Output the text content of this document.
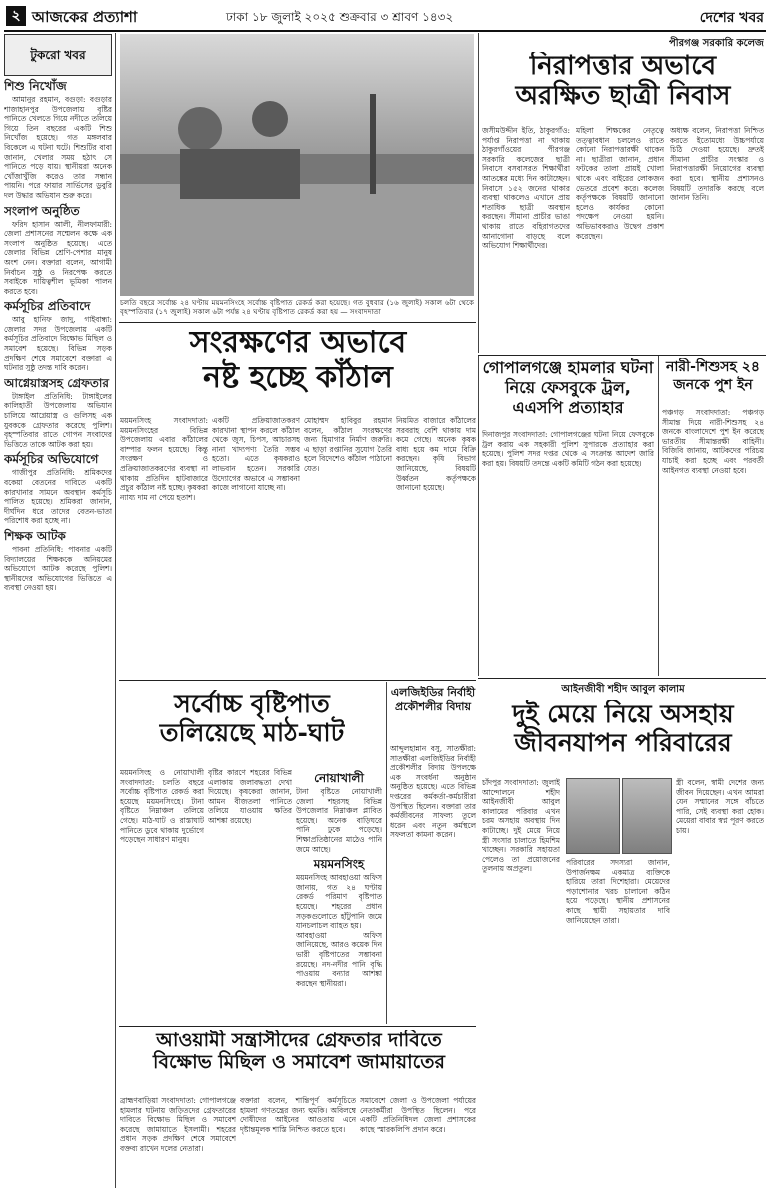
২ আজকের প্রত্যাশা	ঢাকা ১৮ জুলাই ২০২৫ শুক্রবার ৩ শ্রাবণ ১৪৩২	দেশের খবর
টুকরো খবর
শিশু নিখোঁজ

আমানুর রহমান, বগুড়া: বগুড়ার শাজাহানপুর উপজেলায় বৃষ্টির পানিতে খেলতে গিয়ে নদীতে তলিয়ে গিয়ে তিন বছরের একটি শিশু নিখোঁজ হয়েছে। গত মঙ্গলবার বিকেলে এ ঘটনা ঘটে। শিশুটির বাবা জানান, খেলার সময় হঠাৎ সে পানিতে পড়ে যায়। স্থানীয়রা অনেক খোঁজাখুঁজি করেও তার সন্ধান পায়নি। পরে ফায়ার সার্ভিসের ডুবুরি দল উদ্ধার অভিযান শুরু করে।

সংলাপ অনুষ্ঠিত

ফরিদ হাসান আলী, নীলফামারী: জেলা প্রশাসনের সম্মেলন কক্ষে এক সংলাপ অনুষ্ঠিত হয়েছে। এতে জেলার বিভিন্ন শ্রেণি-পেশার মানুষ অংশ নেন। বক্তারা বলেন, আগামী নির্বাচন সুষ্ঠু ও নিরপেক্ষ করতে সবাইকে দায়িত্বশীল ভূমিকা পালন করতে হবে।

কর্মসূচির প্রতিবাদে

আবু হানিফ জাদু, গাইবান্ধা: জেলার সদর উপজেলায় একটি কর্মসূচির প্রতিবাদে বিক্ষোভ মিছিল ও সমাবেশ হয়েছে। বিভিন্ন সড়ক প্রদক্ষিণ শেষে সমাবেশে বক্তারা এ ঘটনার সুষ্ঠু তদন্ত দাবি করেন।

আগ্নেয়াস্ত্রসহ গ্রেফতার

টাঙ্গাইল প্রতিনিধি: টাঙ্গাইলের কালিহাতী উপজেলায় অভিযান চালিয়ে আগ্নেয়াস্ত্র ও গুলিসহ এক যুবককে গ্রেফতার করেছে পুলিশ। বৃহস্পতিবার রাতে গোপন সংবাদের ভিত্তিতে তাকে আটক করা হয়।

কর্মসূচির অভিযোগে

গাজীপুর প্রতিনিধি: শ্রমিকদের বকেয়া বেতনের দাবিতে একটি কারখানার সামনে অবস্থান কর্মসূচি পালিত হয়েছে। শ্রমিকরা জানান, দীর্ঘদিন ধরে তাদের বেতন-ভাতা পরিশোধ করা হচ্ছে না।

শিক্ষক আটক

পাবনা প্রতিনিধি: পাবনার একটি বিদ্যালয়ের শিক্ষককে অনিয়মের অভিযোগে আটক করেছে পুলিশ। স্থানীয়দের অভিযোগের ভিত্তিতে এ ব্যবস্থা নেওয়া হয়।

চলতি বছরে সর্বোচ্চ ২৪ ঘণ্টায় ময়মনসিংহে সর্বোচ্চ বৃষ্টিপাত রেকর্ড করা হয়েছে। গত বুধবার (১৬ জুলাই) সকাল ৬টা থেকে বৃহস্পতিবার (১৭ জুলাই) সকাল ৬টা পর্যন্ত ২৪ ঘণ্টায় বৃষ্টিপাত রেকর্ড করা হয় — সংবাদদাতা
পীরগঞ্জ সরকারি কলেজ
নিরাপত্তার অভাবে
অরক্ষিত ছাত্রী নিবাস
জসীমউদ্দীন ইতি, ঠাকুরগাঁও: পর্যাপ্ত নিরাপত্তা না থাকায় ঠাকুরগাঁওয়ের পীরগঞ্জ সরকারি কলেজের ছাত্রী নিবাসে বসবাসরত শিক্ষার্থীরা আতঙ্কের মধ্যে দিন কাটাচ্ছেন। নিবাসে ১৫২ জনের থাকার ব্যবস্থা থাকলেও এখানে প্রায় শতাধিক ছাত্রী অবস্থান করছেন। সীমানা প্রাচীর ভাঙা থাকায় রাতে বহিরাগতদের আনাগোনা বাড়ছে বলে অভিযোগ শিক্ষার্থীদের।
মহিলা শিক্ষকের নেতৃত্বে তত্ত্বাবধান চললেও রাতে কোনো নিরাপত্তারক্ষী থাকেন না। ছাত্রীরা জানান, প্রধান ফটকের তালা প্রায়ই খোলা থাকে এবং বাইরের লোকজন ভেতরে প্রবেশ করে। কলেজ কর্তৃপক্ষকে বিষয়টি জানানো হলেও কার্যকর কোনো পদক্ষেপ নেওয়া হয়নি। অভিভাবকরাও উদ্বেগ প্রকাশ করেছেন।
অধ্যক্ষ বলেন, নিরাপত্তা নিশ্চিত করতে ইতোমধ্যে উচ্চপর্যায়ে চিঠি দেওয়া হয়েছে। দ্রুতই সীমানা প্রাচীর সংস্কার ও নিরাপত্তারক্ষী নিয়োগের ব্যবস্থা করা হবে। স্থানীয় প্রশাসনও বিষয়টি তদারকি করছে বলে জানান তিনি।
সংরক্ষণের অভাবে
নষ্ট হচ্ছে কাঁঠাল
ময়মনসিংহ সংবাদদাতা: ময়মনসিংহের বিভিন্ন উপজেলায় এবার কাঁঠালের বাম্পার ফলন হয়েছে। কিন্তু সংরক্ষণ ও প্রক্রিয়াজাতকরণের ব্যবস্থা না থাকায় প্রতিদিন হাটবাজারে প্রচুর কাঁঠাল নষ্ট হচ্ছে। কৃষকরা ন্যায্য দাম না পেয়ে হতাশ।
একটি প্রক্রিয়াজাতকরণ কারখানা স্থাপন করলে কাঁঠাল থেকে জুস, চিপস, আচারসহ নানা খাদ্যপণ্য তৈরি সম্ভব হতো। এতে কৃষকরাও লাভবান হতেন। সরকারি উদ্যোগের অভাবে এ সম্ভাবনা কাজে লাগানো যাচ্ছে না।
মোহাম্মদ হাবিবুর রহমান বলেন, কাঁঠাল সংরক্ষণের জন্য হিমাগার নির্মাণ জরুরি। এ ছাড়া রপ্তানির সুযোগ তৈরি হলে বিদেশেও কাঁঠাল পাঠানো যেত।
নিয়মিত বাজারে কাঁঠালের সরবরাহ বেশি থাকায় দাম কমে গেছে। অনেক কৃষক বাধ্য হয়ে কম দামে বিক্রি করছেন। কৃষি বিভাগ জানিয়েছে, বিষয়টি উর্ধ্বতন কর্তৃপক্ষকে জানানো হয়েছে।
গোপালগঞ্জে হামলার ঘটনা নিয়ে ফেসবুকে ট্রল, এএসপি প্রত্যাহার
দিনাজপুর সংবাদদাতা: গোপালগঞ্জের ঘটনা নিয়ে ফেসবুকে ট্রল করায় এক সহকারী পুলিশ সুপারকে প্রত্যাহার করা হয়েছে। পুলিশ সদর দপ্তর থেকে এ সংক্রান্ত আদেশ জারি করা হয়। বিষয়টি তদন্তে একটি কমিটি গঠন করা হয়েছে।
নারী-শিশুসহ ২৪ জনকে পুশ ইন
পঞ্চগড় সংবাদদাতা: পঞ্চগড় সীমান্ত দিয়ে নারী-শিশুসহ ২৪ জনকে বাংলাদেশে পুশ ইন করেছে ভারতীয় সীমান্তরক্ষী বাহিনী। বিজিবি জানায়, আটকদের পরিচয় যাচাই করা হচ্ছে এবং পরবর্তী আইনগত ব্যবস্থা নেওয়া হবে।
আইনজীবী শহীদ আবুল কালাম
দুই মেয়ে নিয়ে অসহায়
জীবনযাপন পরিবারের
চাঁদপুর সংবাদদাতা: জুলাই আন্দোলনে শহীদ আইনজীবী আবুল কালামের পরিবার এখন চরম অসহায় অবস্থায় দিন কাটাচ্ছে। দুই মেয়ে নিয়ে স্ত্রী সংসার চালাতে হিমশিম খাচ্ছেন। সরকারি সহায়তা পেলেও তা প্রয়োজনের তুলনায় অপ্রতুল।
পরিবারের সদস্যরা জানান, উপার্জনক্ষম একমাত্র ব্যক্তিকে হারিয়ে তারা দিশেহারা। মেয়েদের পড়াশোনার খরচ চালানো কঠিন হয়ে পড়েছে। স্থানীয় প্রশাসনের কাছে স্থায়ী সহায়তার দাবি জানিয়েছেন তারা।
স্ত্রী বলেন, স্বামী দেশের জন্য জীবন দিয়েছেন। এখন আমরা যেন সম্মানের সঙ্গে বাঁচতে পারি, সেই ব্যবস্থা করা হোক। মেয়েরা বাবার স্বপ্ন পূরণ করতে চায়।
এলজিইডির নির্বাহী প্রকৌশলীর বিদায়
আব্দুলহান্নান বসু, সাতক্ষীরা: সাতক্ষীরা এলজিইডির নির্বাহী প্রকৌশলীর বিদায় উপলক্ষে এক সংবর্ধনা অনুষ্ঠান অনুষ্ঠিত হয়েছে। এতে বিভিন্ন দপ্তরের কর্মকর্তা-কর্মচারীরা উপস্থিত ছিলেন। বক্তারা তার কর্মজীবনের সাফল্য তুলে ধরেন এবং নতুন কর্মস্থলে সফলতা কামনা করেন।
সর্বোচ্চ বৃষ্টিপাত
তলিয়েছে মাঠ-ঘাট
ময়মনসিংহ ও নোয়াখালী সংবাদদাতা: চলতি বছরে সর্বোচ্চ বৃষ্টিপাত রেকর্ড করা হয়েছে ময়মনসিংহে। টানা বৃষ্টিতে নিম্নাঞ্চল তলিয়ে গেছে। মাঠ-ঘাট ও রাস্তাঘাট পানিতে ডুবে থাকায় দুর্ভোগে পড়েছেন সাধারণ মানুষ।
বৃষ্টির কারণে শহরের বিভিন্ন এলাকায় জলাবদ্ধতা দেখা দিয়েছে। কৃষকেরা জানান, আমন বীজতলা পানিতে তলিয়ে যাওয়ায় ক্ষতির আশঙ্কা রয়েছে।
নোয়াখালী
টানা বৃষ্টিতে নোয়াখালী জেলা শহরসহ বিভিন্ন উপজেলার নিম্নাঞ্চল প্লাবিত হয়েছে। অনেক বাড়িঘরে পানি ঢুকে পড়েছে। শিক্ষাপ্রতিষ্ঠানের মাঠেও পানি জমে আছে।
ময়মনসিংহ
ময়মনসিংহ আবহাওয়া অফিস জানায়, গত ২৪ ঘণ্টায় রেকর্ড পরিমাণ বৃষ্টিপাত হয়েছে। শহরের প্রধান সড়কগুলোতে হাঁটুপানি জমে যানচলাচল ব্যাহত হয়।
আবহাওয়া অফিস জানিয়েছে, আরও কয়েক দিন ভারী বৃষ্টিপাতের সম্ভাবনা রয়েছে। নদ-নদীর পানি বৃদ্ধি পাওয়ায় বন্যার আশঙ্কা করছেন স্থানীয়রা।
আওয়ামী সন্ত্রাসীদের গ্রেফতার দাবিতে
বিক্ষোভ মিছিল ও সমাবেশ জামায়াতের
ব্রাহ্মণবাড়িয়া সংবাদদাতা: গোপালগঞ্জে হামলার ঘটনায় জড়িতদের গ্রেফতারের দাবিতে বিক্ষোভ মিছিল ও সমাবেশ করেছে জামায়াতে ইসলামী। শহরের প্রধান সড়ক প্রদক্ষিণ শেষে সমাবেশে বক্তব্য রাখেন দলের নেতারা।
বক্তারা বলেন, শান্তিপূর্ণ কর্মসূচিতে হামলা গণতন্ত্রের জন্য হুমকি। অবিলম্বে দোষীদের আইনের আওতায় এনে দৃষ্টান্তমূলক শাস্তি নিশ্চিত করতে হবে।
সমাবেশে জেলা ও উপজেলা পর্যায়ের নেতাকর্মীরা উপস্থিত ছিলেন। পরে একটি প্রতিনিধিদল জেলা প্রশাসকের কাছে স্মারকলিপি প্রদান করে।
